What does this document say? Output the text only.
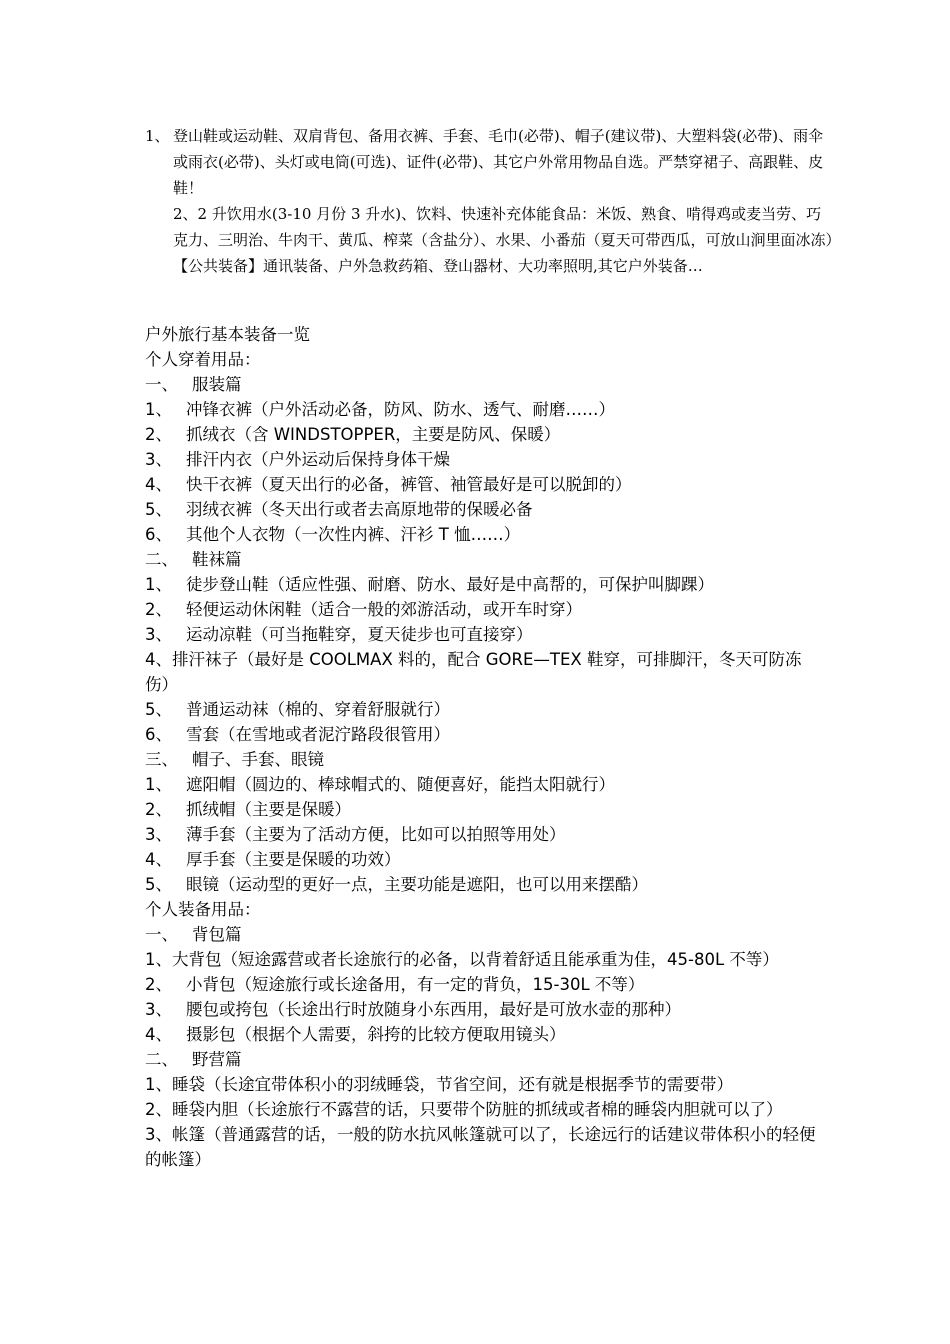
1、 登山鞋或运动鞋、双肩背包、备用衣裤、手套、毛巾(必带)、帽子(建议带)、大塑料袋(必带)、雨伞或雨衣(必带)、头灯或电筒(可选)、证件(必带)、其它户外常用物品自选。严禁穿裙子、高跟鞋、皮鞋！
2、2 升饮用水(3-10 月份 3 升水)、饮料、快速补充体能食品：米饭、熟食、啃得鸡或麦当劳、巧克力、三明治、牛肉干、黄瓜、榨菜（含盐分）、水果、小番茄（夏天可带西瓜，可放山涧里面冰冻）
【公共装备】通讯装备、户外急救药箱、登山器材、大功率照明,其它户外装备…
户外旅行基本装备一览
个人穿着用品：
一、 服装篇
1、 冲锋衣裤（户外活动必备，防风、防水、透气、耐磨……）
2、 抓绒衣（含 WINDSTOPPER，主要是防风、保暖）
3、 排汗内衣（户外运动后保持身体干燥
4、 快干衣裤（夏天出行的必备，裤管、袖管最好是可以脱卸的）
5、 羽绒衣裤（冬天出行或者去高原地带的保暖必备
6、 其他个人衣物（一次性内裤、汗衫 T 恤……）
二、 鞋袜篇
1、 徒步登山鞋（适应性强、耐磨、防水、最好是中高帮的，可保护叫脚踝）
2、 轻便运动休闲鞋（适合一般的郊游活动，或开车时穿）
3、 运动凉鞋（可当拖鞋穿，夏天徒步也可直接穿）
4、排汗袜子（最好是 COOLMAX 料的，配合 GORE—TEX 鞋穿，可排脚汗，冬天可防冻伤）
5、 普通运动袜（棉的、穿着舒服就行）
6、 雪套（在雪地或者泥泞路段很管用）
三、 帽子、手套、眼镜
1、 遮阳帽（圆边的、棒球帽式的、随便喜好，能挡太阳就行）
2、 抓绒帽（主要是保暖）
3、 薄手套（主要为了活动方便，比如可以拍照等用处）
4、 厚手套（主要是保暖的功效）
5、 眼镜（运动型的更好一点，主要功能是遮阳，也可以用来摆酷）
个人装备用品：
一、 背包篇
1、大背包（短途露营或者长途旅行的必备，以背着舒适且能承重为佳，45-80L 不等）
2、 小背包（短途旅行或长途备用，有一定的背负，15-30L 不等）
3、 腰包或挎包（长途出行时放随身小东西用，最好是可放水壶的那种）
4、 摄影包（根据个人需要，斜挎的比较方便取用镜头）
二、 野营篇
1、睡袋（长途宜带体积小的羽绒睡袋，节省空间，还有就是根据季节的需要带）
2、睡袋内胆（长途旅行不露营的话，只要带个防脏的抓绒或者棉的睡袋内胆就可以了）
3、帐篷（普通露营的话，一般的防水抗风帐篷就可以了，长途远行的话建议带体积小的轻便的帐篷）
